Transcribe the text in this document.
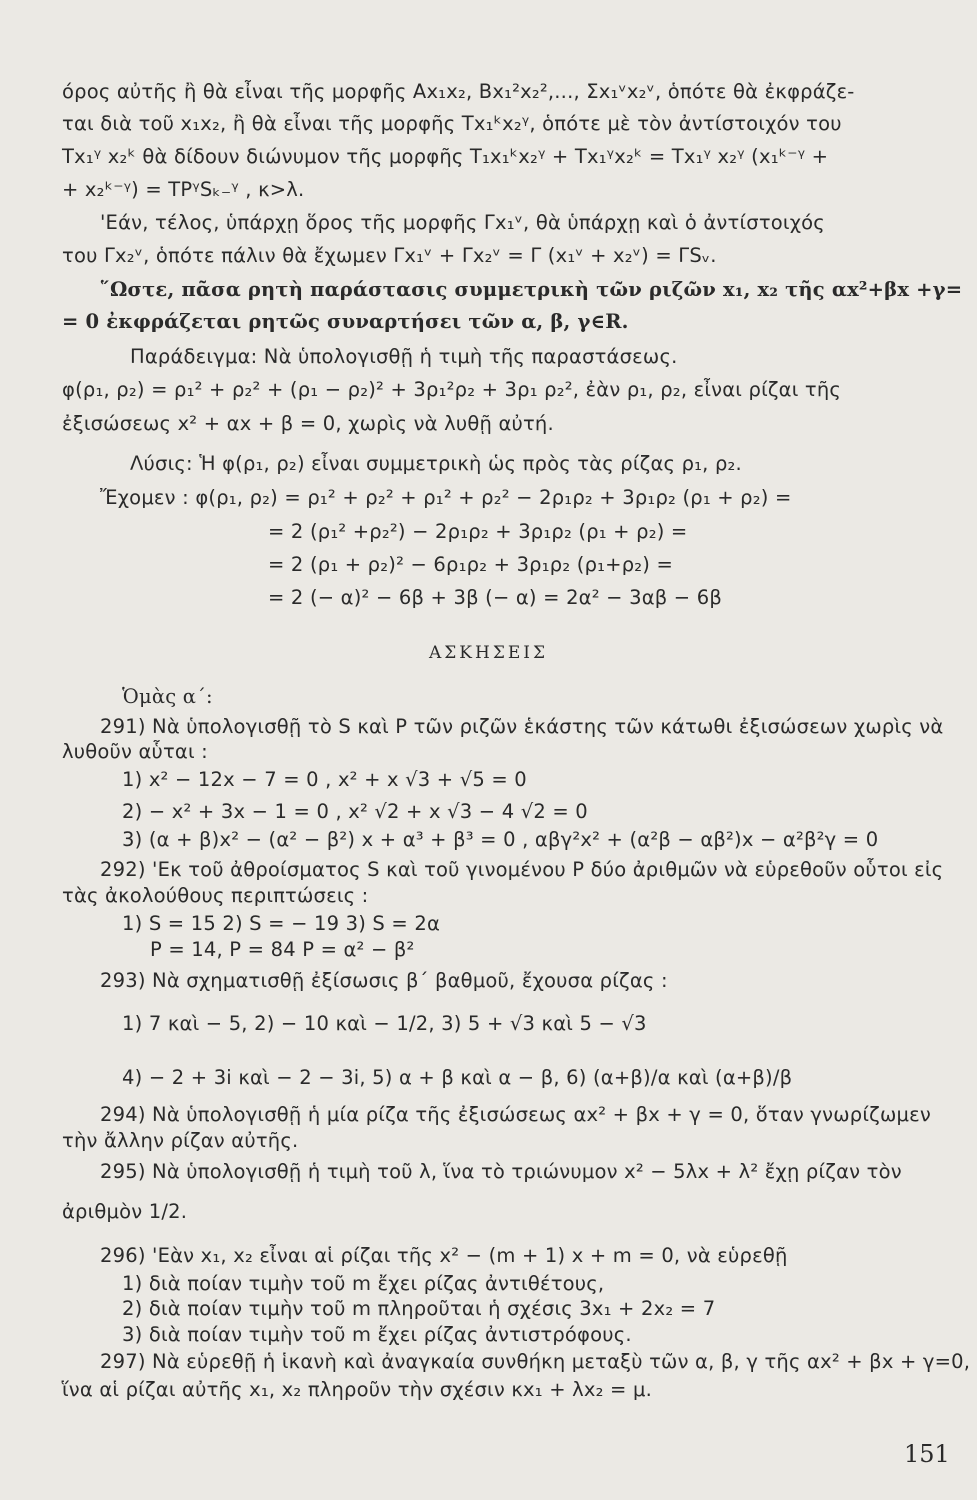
όρος αὐτῆς ἢ θὰ εἶναι τῆς μορφῆς Ax₁x₂, Bx₁²x₂²,..., Σx₁ᵛx₂ᵛ, ὁπότε θὰ ἐκφράζε-
ται διὰ τοῦ x₁x₂, ἢ θὰ εἶναι τῆς μορφῆς Tx₁ᵏx₂ᵞ, ὁπότε μὲ τὸν ἀντίστοιχόν του
Tx₁ᵞ x₂ᵏ θὰ δίδουν διώνυμον τῆς μορφῆς T₁x₁ᵏx₂ᵞ + Tx₁ᵞx₂ᵏ = Tx₁ᵞ x₂ᵞ (x₁ᵏ⁻ᵞ +
+ x₂ᵏ⁻ᵞ) = TPᵞSₖ₋ᵞ , κ>λ.
'Εάν, τέλος, ὑπάρχῃ ὅρος τῆς μορφῆς Γx₁ᵛ, θὰ ὑπάρχῃ καὶ ὁ ἀντίστοιχός
του Γx₂ᵛ, ὁπότε πάλιν θὰ ἔχωμεν Γx₁ᵛ + Γx₂ᵛ = Γ (x₁ᵛ + x₂ᵛ) = ΓSᵥ.
῞Ωστε, πᾶσα ρητὴ παράστασις συμμετρικὴ τῶν ριζῶν x₁, x₂ τῆς αx²+βx +γ=
= 0 ἐκφράζεται ρητῶς συναρτήσει τῶν α, β, γ∈R.
Παράδειγμα: Νὰ ὑπολογισθῇ ἡ τιμὴ τῆς παραστάσεως.
φ(ρ₁, ρ₂) = ρ₁² + ρ₂² + (ρ₁ − ρ₂)² + 3ρ₁²ρ₂ + 3ρ₁ ρ₂², ἐὰν ρ₁, ρ₂, εἶναι ρίζαι τῆς
ἐξισώσεως x² + αx + β = 0, χωρὶς νὰ λυθῇ αὐτή.
Λύσις: Ἡ φ(ρ₁, ρ₂) εἶναι συμμετρικὴ ὡς πρὸς τὰς ρίζας ρ₁, ρ₂.
Ἔχομεν : φ(ρ₁, ρ₂) = ρ₁² + ρ₂² + ρ₁² + ρ₂² − 2ρ₁ρ₂ + 3ρ₁ρ₂ (ρ₁ + ρ₂) =
= 2 (ρ₁² +ρ₂²) − 2ρ₁ρ₂ + 3ρ₁ρ₂ (ρ₁ + ρ₂) =
= 2 (ρ₁ + ρ₂)² − 6ρ₁ρ₂ + 3ρ₁ρ₂ (ρ₁+ρ₂) =
= 2 (− α)² − 6β + 3β (− α) = 2α² − 3αβ − 6β
ΑΣΚΗΣΕΙΣ
Ὁμὰς α΄:
291) Νὰ ὑπολογισθῇ τὸ S καὶ P τῶν ριζῶν ἑκάστης τῶν κάτωθι ἐξισώσεων χωρὶς νὰ
λυθοῦν αὗται :
1) x² − 12x − 7 = 0 , x² + x √3 + √5 = 0
2) − x² + 3x − 1 = 0 , x² √2 + x √3 − 4 √2 = 0
3) (α + β)x² − (α² − β²) x + α³ + β³ = 0 , αβγ²x² + (α²β − αβ²)x − α²β²γ = 0
292) 'Εκ τοῦ ἀθροίσματος S καὶ τοῦ γινομένου P δύο ἀριθμῶν νὰ εὑρεθοῦν οὗτοι εἰς
τὰς ἀκολούθους περιπτώσεις :
1) S = 15 2) S = − 19 3) S = 2α
P = 14, P = 84 P = α² − β²
293) Νὰ σχηματισθῇ ἐξίσωσις β΄ βαθμοῦ, ἔχουσα ρίζας :
1) 7 καὶ − 5, 2) − 10 καὶ − 1/2, 3) 5 + √3 καὶ 5 − √3
4) − 2 + 3i καὶ − 2 − 3i, 5) α + β καὶ α − β, 6) (α+β)/α καὶ (α+β)/β
294) Νὰ ὑπολογισθῇ ἡ μία ρίζα τῆς ἐξισώσεως αx² + βx + γ = 0, ὅταν γνωρίζωμεν
τὴν ἄλλην ρίζαν αὐτῆς.
295) Νὰ ὑπολογισθῇ ἡ τιμὴ τοῦ λ, ἵνα τὸ τριώνυμον x² − 5λx + λ² ἔχῃ ρίζαν τὸν
ἀριθμὸν 1/2.
296) 'Εὰν x₁, x₂ εἶναι αἱ ρίζαι τῆς x² − (m + 1) x + m = 0, νὰ εὑρεθῇ
1) διὰ ποίαν τιμὴν τοῦ m ἔχει ρίζας ἀντιθέτους,
2) διὰ ποίαν τιμὴν τοῦ m πληροῦται ἡ σχέσις 3x₁ + 2x₂ = 7
3) διὰ ποίαν τιμὴν τοῦ m ἔχει ρίζας ἀντιστρόφους.
297) Νὰ εὑρεθῇ ἡ ἱκανὴ καὶ ἀναγκαία συνθήκη μεταξὺ τῶν α, β, γ τῆς αx² + βx + γ=0,
ἵνα αἱ ρίζαι αὐτῆς x₁, x₂ πληροῦν τὴν σχέσιν κx₁ + λx₂ = μ.
151
